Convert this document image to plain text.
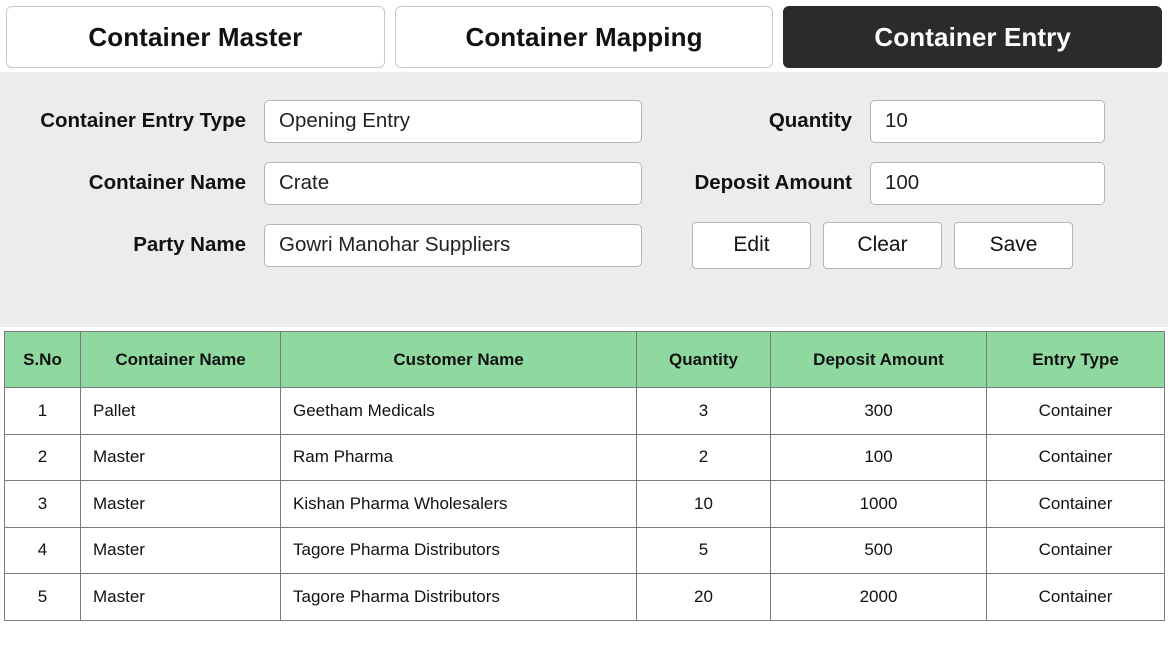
Container Master	Container Mapping	Container Entry
Container Entry Type	Opening Entry	Quantity	10
Container Name	Crate	Deposit Amount	100
Party Name	Gowri Manohar Suppliers	Edit	Clear	Save
S.No	Container Name	Customer Name	Quantity	Deposit Amount	Entry Type
1	Pallet	Geetham Medicals	3	300	Container
2	Master	Ram Pharma	2	100	Container
3	Master	Kishan Pharma Wholesalers	10	1000	Container
4	Master	Tagore Pharma Distributors	5	500	Container
5	Master	Tagore Pharma Distributors	20	2000	Container
